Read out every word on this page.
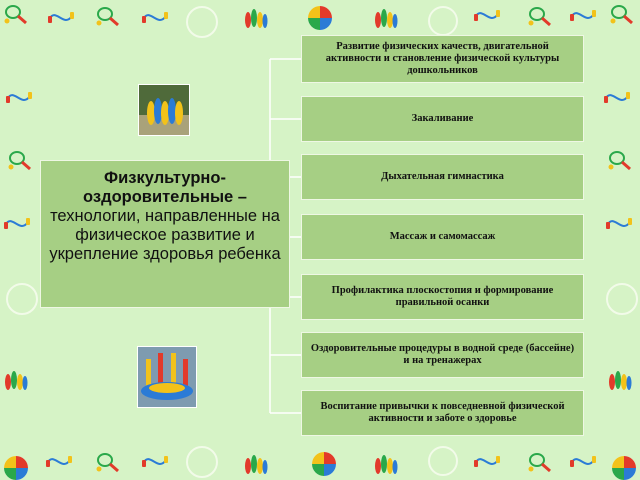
Физкультурно-оздоровительные – технологии, направленные на физическое развитие и укрепление здоровья ребенка
Развитие физических качеств, двигательной активности и становление физической культуры дошкольников
Закаливание
Дыхательная гимнастика
Массаж и самомассаж
Профилактика плоскостопия и формирование правильной осанки
Оздоровительные процедуры в водной среде (бассейне) и на тренажерах
Воспитание привычки к повседневной физической активности и заботе о здоровье
